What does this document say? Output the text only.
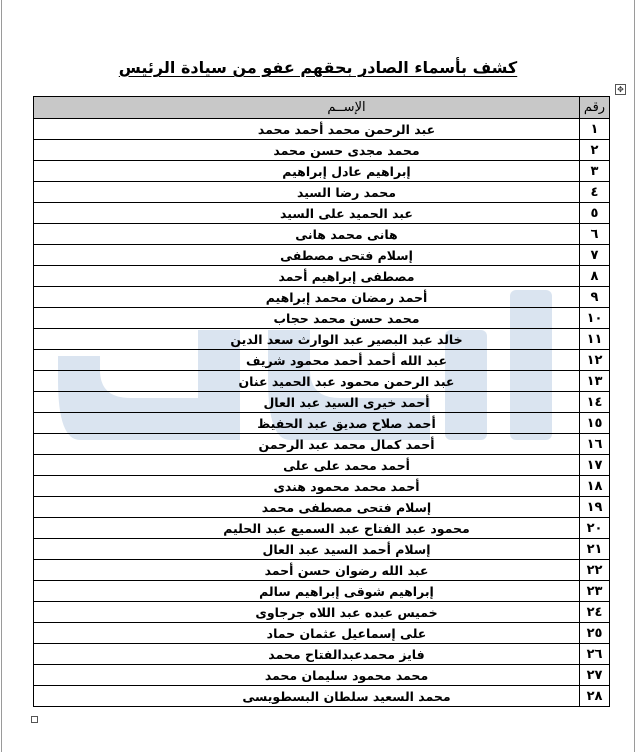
كشف بأسماء الصادر بحقهم عفو من سيادة الرئيس
✥
رقم	الإســم
١	عبد الرحمن محمد أحمد محمد
٢	محمد مجدى حسن محمد
٣	إبراهيم عادل إبراهيم
٤	محمد رضا السيد
٥	عبد الحميد على السيد
٦	هانى محمد هانى
٧	إسلام فتحى مصطفى
٨	مصطفى إبراهيم أحمد
٩	أحمد رمضان محمد إبراهيم
١٠	محمد حسن محمد حجاب
١١	خالد عبد البصير عبد الوارث سعد الدين
١٢	عبد الله أحمد أحمد محمود شريف
١٣	عبد الرحمن محمود عبد الحميد عنان
١٤	أحمد خيرى السيد عبد العال
١٥	أحمد صلاح صديق عبد الحفيظ
١٦	أحمد كمال محمد عبد الرحمن
١٧	أحمد محمد على على
١٨	أحمد محمد محمود هندى
١٩	إسلام فتحى مصطفى محمد
٢٠	محمود عبد الفتاح عبد السميع عبد الحليم
٢١	إسلام أحمد السيد عبد العال
٢٢	عبد الله رضوان حسن أحمد
٢٣	إبراهيم شوقى إبراهيم سالم
٢٤	خميس عبده عبد اللاه جرجاوى
٢٥	على إسماعيل عثمان حماد
٢٦	فايز محمدعبدالفتاح محمد
٢٧	محمد محمود سليمان محمد
٢٨	محمد السعيد سلطان البسطويسى
